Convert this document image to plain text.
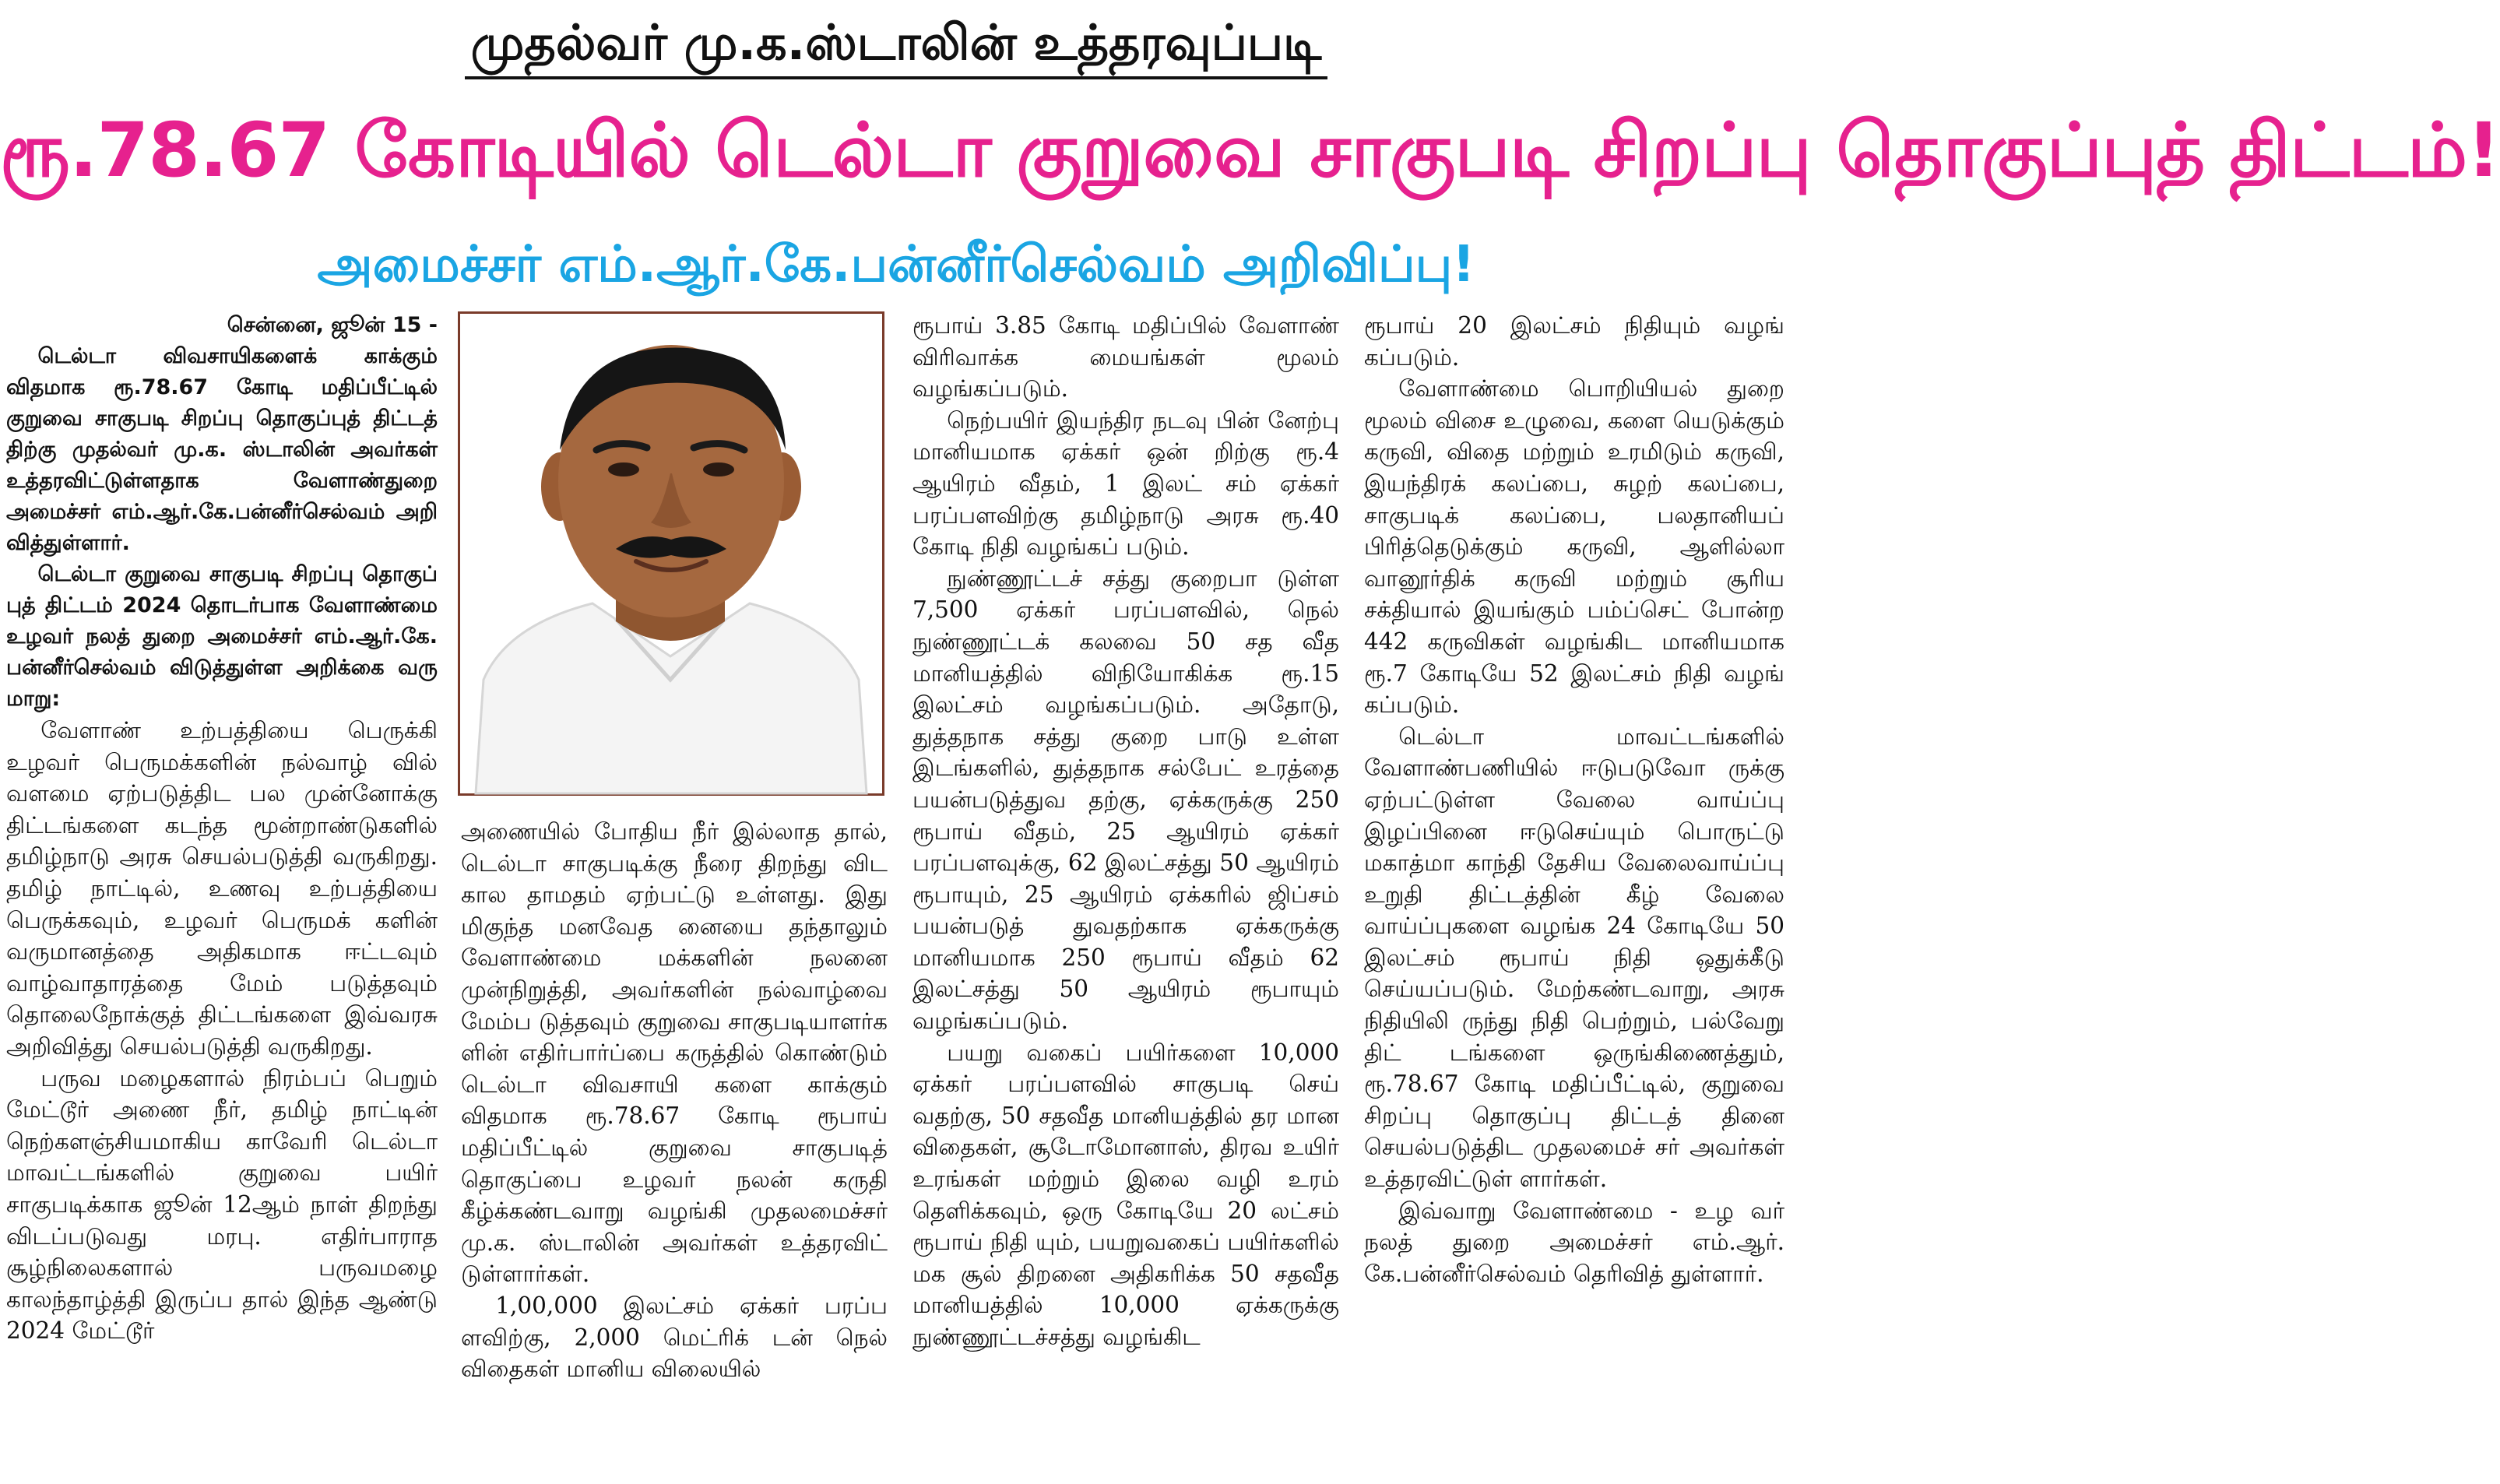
முதல்வர் மு.க.ஸ்டாலின் உத்தரவுப்படி
ரூ.78.67 கோடியில் டெல்டா குறுவை சாகுபடி சிறப்பு தொகுப்புத் திட்டம்!
அமைச்சர் எம்.ஆர்.கே.பன்னீர்செல்வம் அறிவிப்பு!

சென்னை, ஜூன் 15 -

டெல்டா விவசாயிகளைக் காக்கும் விதமாக ரூ.78.67 கோடி மதிப்பீட்டில் குறுவை சாகுபடி சிறப்பு தொகுப்புத் திட்டத் திற்கு முதல்வர் மு.க. ஸ்டாலின் அவர்கள் உத்தரவிட்டுள்ளதாக வேளாண்துறை அமைச்சர் எம்.ஆர்.கே.பன்னீர்செல்வம் அறி வித்துள்ளார்.

டெல்டா குறுவை சாகுபடி சிறப்பு தொகுப் புத் திட்டம் 2024 தொடர்பாக வேளாண்மை உழவர் நலத் துறை அமைச்சர் எம்.ஆர்.கே. பன்னீர்செல்வம் விடுத்துள்ள அறிக்கை வரு மாறு:

வேளாண் உற்பத்தியை பெருக்கி உழவர் பெருமக்களின் நல்வாழ் வில் வளமை ஏற்படுத்திட பல முன்னோக்கு திட்டங்களை கடந்த மூன்றாண்டுகளில் தமிழ்நாடு அரசு செயல்படுத்தி வருகிறது. தமிழ் நாட்டில், உணவு உற்பத்தியை பெருக்கவும், உழவர் பெருமக் களின் வருமானத்தை அதிகமாக ஈட்டவும் வாழ்வாதாரத்தை மேம் படுத்தவும் தொலைநோக்குத் திட்டங்களை இவ்வரசு அறிவித்து செயல்படுத்தி வருகிறது.

பருவ மழைகளால் நிரம்பப் பெறும் மேட்டூர் அணை நீர், தமிழ் நாட்டின் நெற்களஞ்சியமாகிய காவேரி டெல்டா மாவட்டங்களில் குறுவை பயிர் சாகுபடிக்காக ஜூன் 12ஆம் நாள் திறந்து விடப்படுவது மரபு. எதிர்பாராத சூழ்நிலைகளால் பருவமழை காலந்தாழ்த்தி இருப்ப தால் இந்த ஆண்டு 2024 மேட்டூர்

அணையில் போதிய நீர் இல்லாத தால், டெல்டா சாகுபடிக்கு நீரை திறந்து விட கால தாமதம் ஏற்பட்டு உள்ளது. இது மிகுந்த மனவேத னையை தந்தாலும் வேளாண்மை மக்களின் நலனை முன்நிறுத்தி, அவர்களின் நல்வாழ்வை மேம்ப டுத்தவும் குறுவை சாகுபடியாளர்க ளின் எதிர்பார்ப்பை கருத்தில் கொண்டும் டெல்டா விவசாயி களை காக்கும் விதமாக ரூ.78.67 கோடி ரூபாய் மதிப்பீட்டில் குறுவை சாகுபடித் தொகுப்பை உழவர் நலன் கருதி கீழ்க்கண்டவாறு வழங்கி முதலமைச்சர் மு.க. ஸ்டாலின் அவர்கள் உத்தரவிட் டுள்ளார்கள்.

1,00,000 இலட்சம் ஏக்கர் பரப்ப ளவிற்கு, 2,000 மெட்ரிக் டன் நெல் விதைகள் மானிய விலையில்

ரூபாய் 3.85 கோடி மதிப்பில் வேளாண் விரிவாக்க மையங்கள் மூலம் வழங்கப்படும்.

நெற்பயிர் இயந்திர நடவு பின் னேற்பு மானியமாக ஏக்கர் ஒன் றிற்கு ரூ.4 ஆயிரம் வீதம், 1 இலட் சம் ஏக்கர் பரப்பளவிற்கு தமிழ்நாடு அரசு ரூ.40 கோடி நிதி வழங்கப் படும்.

நுண்ணூட்டச் சத்து குறைபா டுள்ள 7,500 ஏக்கர் பரப்பளவில், நெல் நுண்ணூட்டக் கலவை 50 சத வீத மானியத்தில் விநியோகிக்க ரூ.15 இலட்சம் வழங்கப்படும். அதோடு, துத்தநாக சத்து குறை பாடு உள்ள இடங்களில், துத்தநாக சல்பேட் உரத்தை பயன்படுத்துவ தற்கு, ஏக்கருக்கு 250 ரூபாய் வீதம், 25 ஆயிரம் ஏக்கர் பரப்பளவுக்கு, 62 இலட்சத்து 50 ஆயிரம் ரூபாயும், 25 ஆயிரம் ஏக்கரில் ஜிப்சம் பயன்படுத் துவதற்காக ஏக்கருக்கு மானியமாக 250 ரூபாய் வீதம் 62 இலட்சத்து 50 ஆயிரம் ரூபாயும் வழங்கப்படும்.

பயறு வகைப் பயிர்களை 10,000 ஏக்கர் பரப்பளவில் சாகுபடி செய் வதற்கு, 50 சதவீத மானியத்தில் தர மான விதைகள், சூடோமோனாஸ், திரவ உயிர் உரங்கள் மற்றும் இலை வழி உரம் தெளிக்கவும், ஒரு கோடியே 20 லட்சம் ரூபாய் நிதி யும், பயறுவகைப் பயிர்களில் மக சூல் திறனை அதிகரிக்க 50 சதவீத மானியத்தில் 10,000 ஏக்கருக்கு நுண்ணூட்டச்சத்து வழங்கிட

ரூபாய் 20 இலட்சம் நிதியும் வழங் கப்படும்.

வேளாண்மை பொறியியல் துறை மூலம் விசை உழுவை, களை யெடுக்கும் கருவி, விதை மற்றும் உரமிடும் கருவி, இயந்திரக் கலப்பை, சுழற் கலப்பை, சாகுபடிக் கலப்பை, பலதானியப் பிரித்தெடுக்கும் கருவி, ஆளில்லா வானூர்திக் கருவி மற்றும் சூரிய சக்தியால் இயங்கும் பம்ப்செட் போன்ற 442 கருவிகள் வழங்கிட மானியமாக ரூ.7 கோடியே 52 இலட்சம் நிதி வழங் கப்படும்.

டெல்டா மாவட்டங்களில் வேளாண்பணியில் ஈடுபடுவோ ருக்கு ஏற்பட்டுள்ள வேலை வாய்ப்பு இழப்பினை ஈடுசெய்யும் பொருட்டு மகாத்மா காந்தி தேசிய வேலைவாய்ப்பு உறுதி திட்டத்தின் கீழ் வேலை வாய்ப்புகளை வழங்க 24 கோடியே 50 இலட்சம் ரூபாய் நிதி ஒதுக்கீடு செய்யப்படும். மேற்கண்டவாறு, அரசு நிதியிலி ருந்து நிதி பெற்றும், பல்வேறு திட் டங்களை ஒருங்கிணைத்தும், ரூ.78.67 கோடி மதிப்பீட்டில், குறுவை சிறப்பு தொகுப்பு திட்டத் தினை செயல்படுத்திட முதலமைச் சர் அவர்கள் உத்தரவிட்டுள் ளார்கள்.

இவ்வாறு வேளாண்மை - உழ வர் நலத் துறை அமைச்சர் எம்.ஆர். கே.பன்னீர்செல்வம் தெரிவித் துள்ளார்.
